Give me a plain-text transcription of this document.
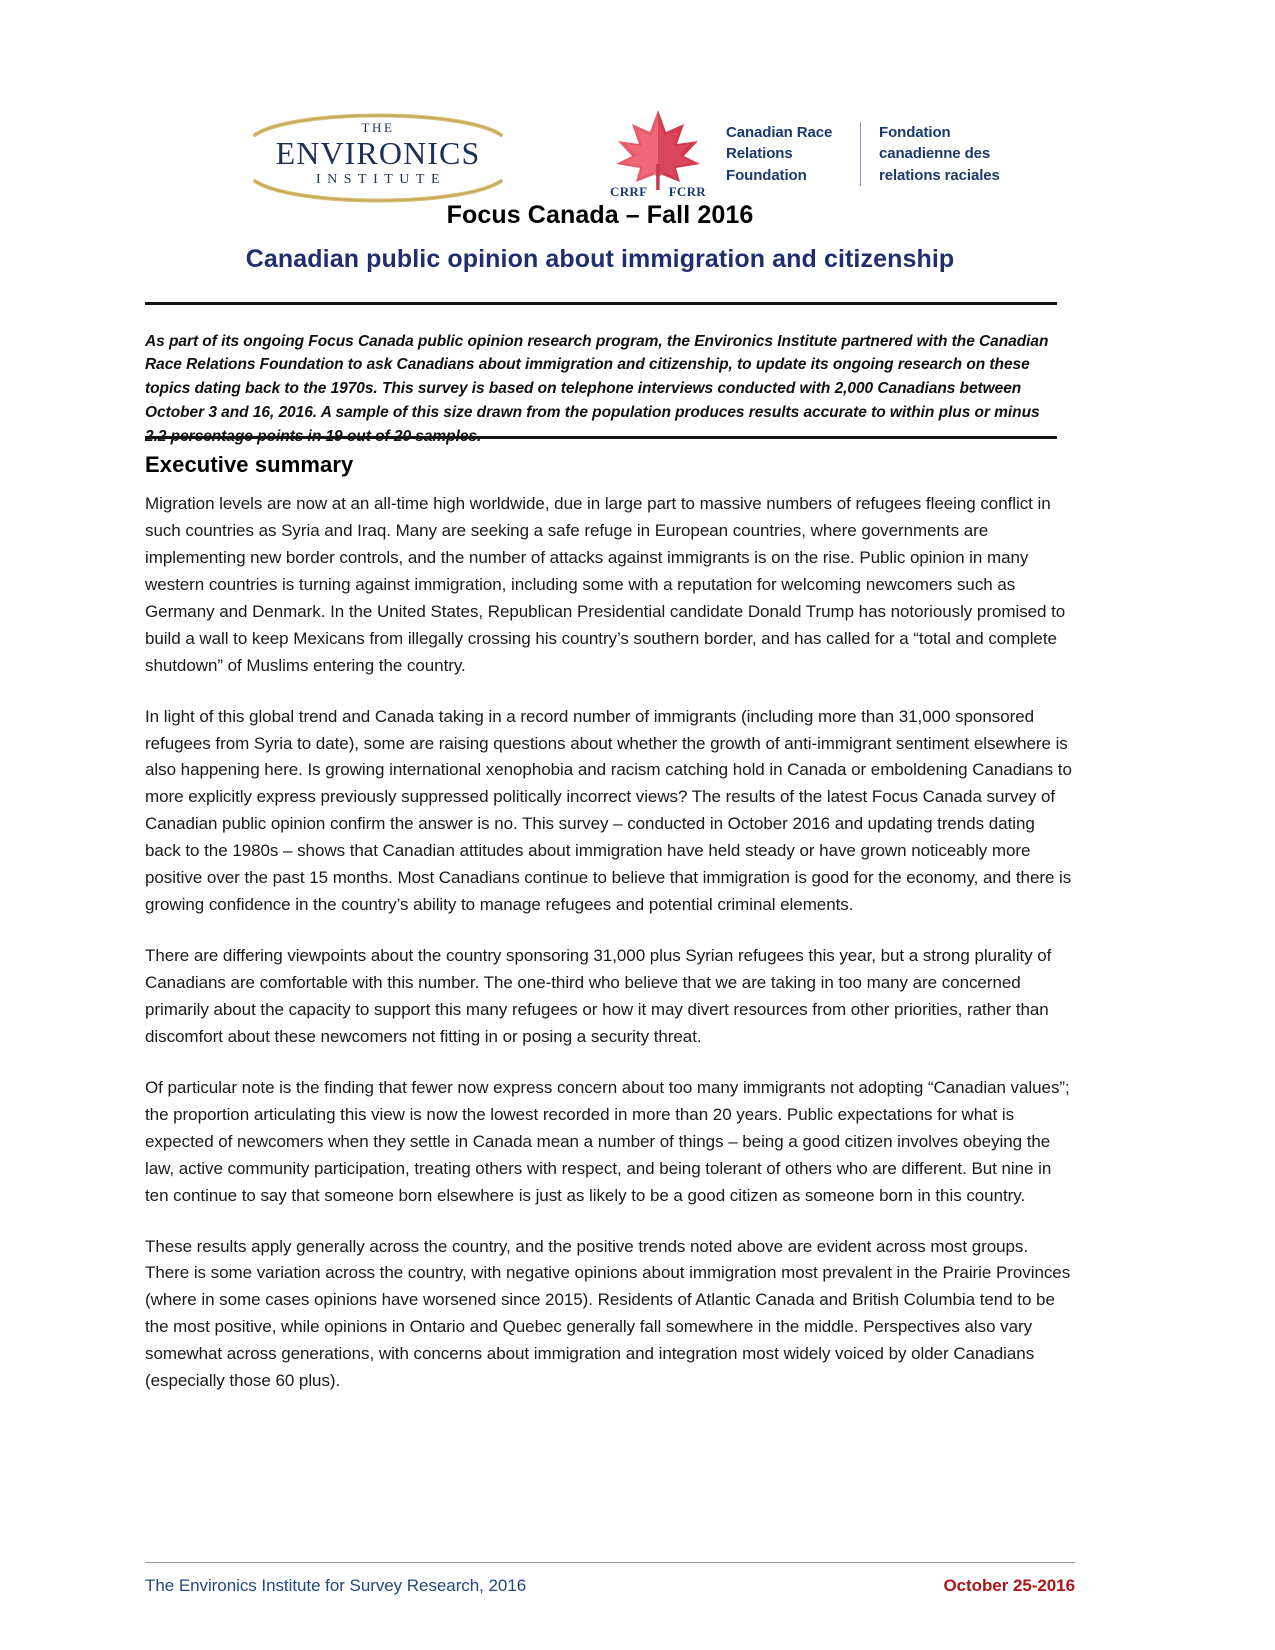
THE
ENVIRONICS
INSTITUTE
CRRF FCRR
Canadian Race
Relations
Foundation
Fondation
canadienne des
relations raciales
Focus Canada – Fall 2016
Canadian public opinion about immigration and citizenship

As part of its ongoing Focus Canada public opinion research program, the Environics Institute partnered with the Canadian Race Relations Foundation to ask Canadians about immigration and citizenship, to update its ongoing research on these topics dating back to the 1970s. This survey is based on telephone interviews conducted with 2,000 Canadians between October 3 and 16, 2016. A sample of this size drawn from the population produces results accurate to within plus or minus 2.2 percentage points in 19 out of 20 samples.

Executive summary

Migration levels are now at an all-time high worldwide, due in large part to massive numbers of refugees fleeing conflict in such countries as Syria and Iraq. Many are seeking a safe refuge in European countries, where governments are implementing new border controls, and the number of attacks against immigrants is on the rise. Public opinion in many western countries is turning against immigration, including some with a reputation for welcoming newcomers such as Germany and Denmark. In the United States, Republican Presidential candidate Donald Trump has notoriously promised to build a wall to keep Mexicans from illegally crossing his country’s southern border, and has called for a “total and complete shutdown” of Muslims entering the country.

In light of this global trend and Canada taking in a record number of immigrants (including more than 31,000 sponsored refugees from Syria to date), some are raising questions about whether the growth of anti-immigrant sentiment elsewhere is also happening here. Is growing international xenophobia and racism catching hold in Canada or emboldening Canadians to more explicitly express previously suppressed politically incorrect views? The results of the latest Focus Canada survey of Canadian public opinion confirm the answer is no. This survey – conducted in October 2016 and updating trends dating back to the 1980s – shows that Canadian attitudes about immigration have held steady or have grown noticeably more positive over the past 15 months. Most Canadians continue to believe that immigration is good for the economy, and there is growing confidence in the country’s ability to manage refugees and potential criminal elements.

There are differing viewpoints about the country sponsoring 31,000 plus Syrian refugees this year, but a strong plurality of Canadians are comfortable with this number. The one-third who believe that we are taking in too many are concerned primarily about the capacity to support this many refugees or how it may divert resources from other priorities, rather than discomfort about these newcomers not fitting in or posing a security threat.

Of particular note is the finding that fewer now express concern about too many immigrants not adopting “Canadian values”; the proportion articulating this view is now the lowest recorded in more than 20 years. Public expectations for what is expected of newcomers when they settle in Canada mean a number of things – being a good citizen involves obeying the law, active community participation, treating others with respect, and being tolerant of others who are different. But nine in ten continue to say that someone born elsewhere is just as likely to be a good citizen as someone born in this country.

These results apply generally across the country, and the positive trends noted above are evident across most groups. There is some variation across the country, with negative opinions about immigration most prevalent in the Prairie Provinces (where in some cases opinions have worsened since 2015). Residents of Atlantic Canada and British Columbia tend to be the most positive, while opinions in Ontario and Quebec generally fall somewhere in the middle. Perspectives also vary somewhat across generations, with concerns about immigration and integration most widely voiced by older Canadians (especially those 60 plus).

The Environics Institute for Survey Research, 2016	October 25-2016
